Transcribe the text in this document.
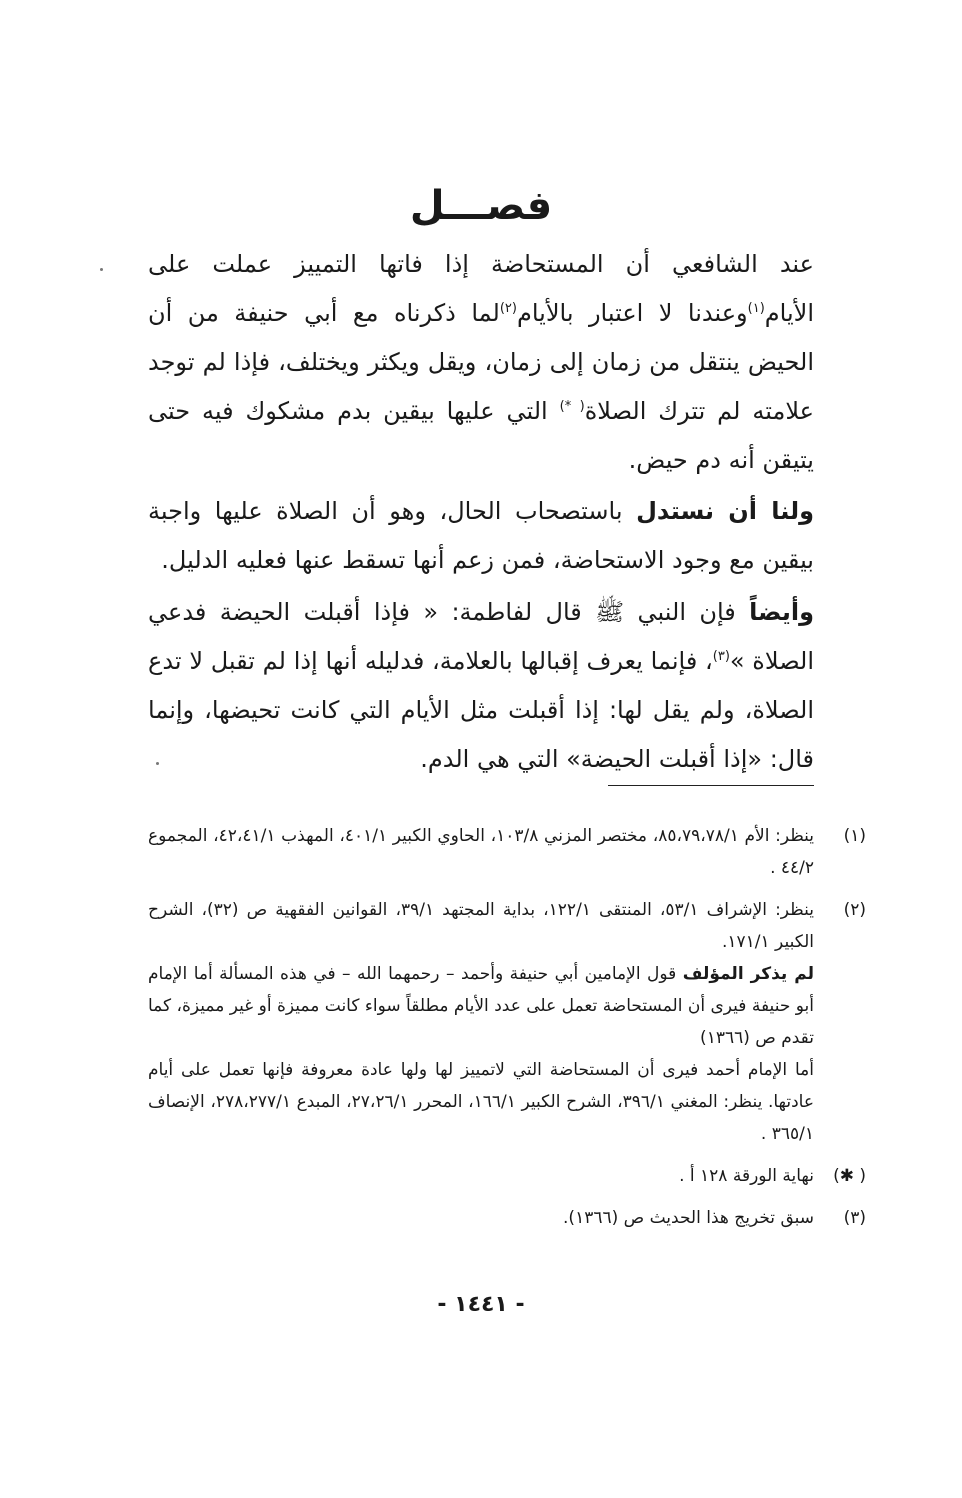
فصـــل

عند الشافعي أن المستحاضة إذا فاتها التمييز عملت على الأيام$^{(١)}$وعندنا لا اعتبار بالأيام$^{(٢)}$لما ذكرناه مع أبي حنيفة من أن الحيض ينتقل من زمان إلى زمان، ويقل ويكثر ويختلف، فإذا لم توجد علامته لم تترك الصلاة( *) التي عليها بيقين بدم مشكوك فيه حتى يتيقن أنه دم حيض.

ولنا أن نستدل باستصحاب الحال، وهو أن الصلاة عليها واجبة بيقين مع وجود الاستحاضة، فمن زعم أنها تسقط عنها فعليه الدليل.

وأيضاً فإن النبي ﷺ قال لفاطمة: « فإذا أقبلت الحيضة فدعي الصلاة »$^{(٣)}$، فإنما يعرف إقبالها بالعلامة، فدليله أنها إذا لم تقبل لا تدع الصلاة، ولم يقل لها: إذا أقبلت مثل الأيام التي كانت تحيضها، وإنما قال: «إذا أقبلت الحيضة» التي هي الدم.

(١)
ينظر: الأم ٨٥،٧٩،٧٨/١، مختصر المزني ١٠٣/٨، الحاوي الكبير ٤٠١/١، المهذب ٤٢،٤١/١، المجموع ٤٤/٢ .
(٢)
ينظر: الإشراف ٥٣/١، المنتقى ١٢٢/١، بداية المجتهد ٣٩/١، القوانين الفقهية ص (٣٢)، الشرح الكبير ١٧١/١.
لم يذكر المؤلف قول الإمامين أبي حنيفة وأحمد – رحمهما الله – في هذه المسألة أما الإمام أبو حنيفة فيرى أن المستحاضة تعمل على عدد الأيام مطلقاً سواء كانت مميزة أو غير مميزة، كما تقدم ص (١٣٦٦)
أما الإمام أحمد فيرى أن المستحاضة التي لاتمييز لها ولها عادة معروفة فإنها تعمل على أيام عادتها. ينظر: المغني ٣٩٦/١، الشرح الكبير ١٦٦/١، المحرر ٢٧،٢٦/١، المبدع ٢٧٨،٢٧٧/١، الإنصاف ٣٦٥/١ .
( ✱)
نهاية الورقة ١٢٨ أ .
(٣)
سبق تخريج هذا الحديث ص (١٣٦٦).
- ١٤٤١ -
